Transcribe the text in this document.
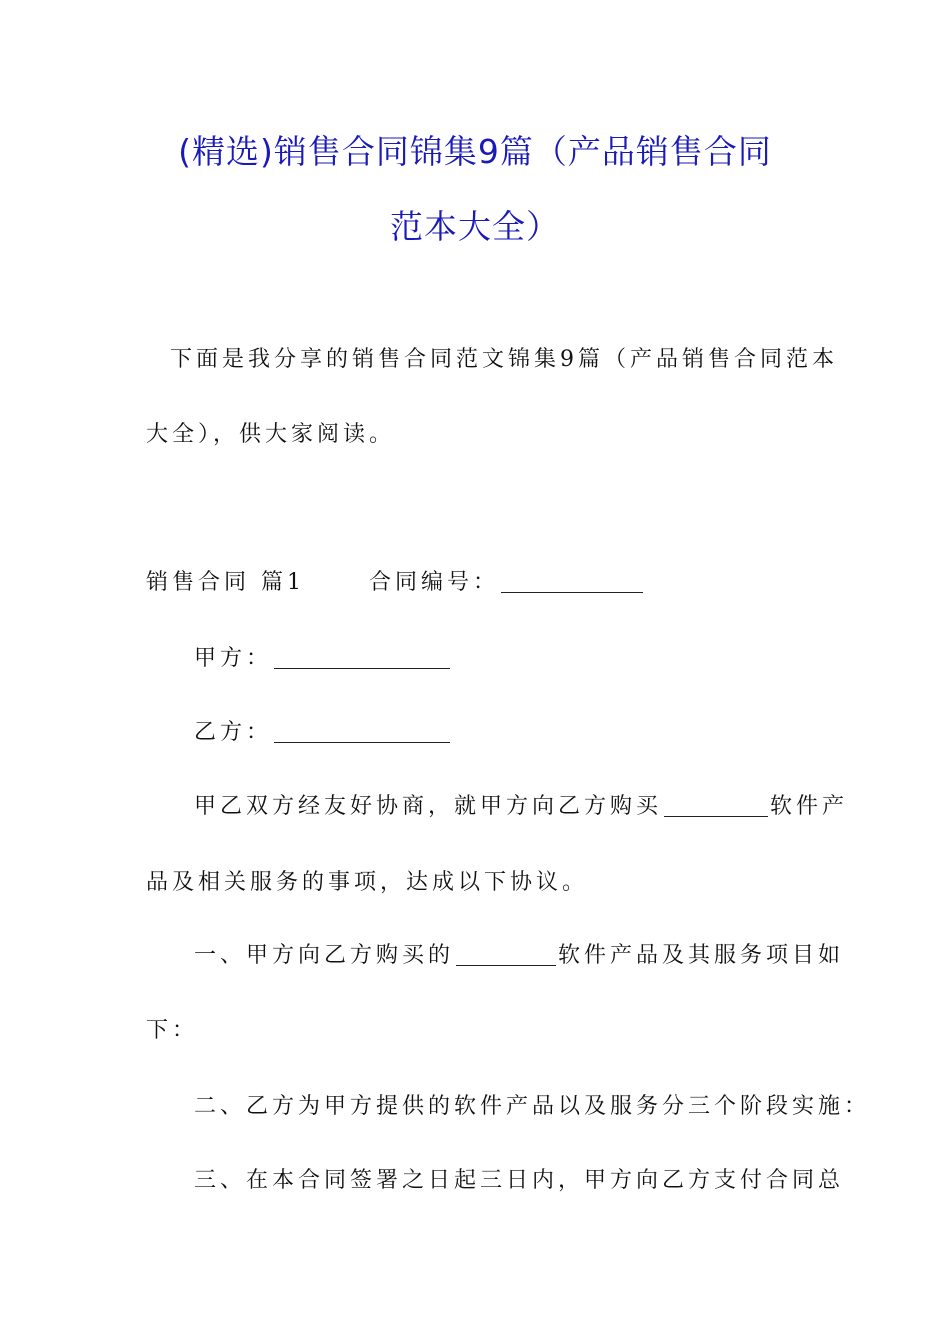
(精选)销售合同锦集9篇（产品销售合同
范本大全）
下面是我分享的销售合同范文锦集9篇（产品销售合同范本
大全），供大家阅读。
销售合同 篇1	合同编号：
甲方：
乙方：
甲乙双方经友好协商，就甲方向乙方购买	软件产
品及相关服务的事项，达成以下协议。
一、甲方向乙方购买的	软件产品及其服务项目如
下：
二、乙方为甲方提供的软件产品以及服务分三个阶段实施：
三、在本合同签署之日起三日内，甲方向乙方支付合同总
